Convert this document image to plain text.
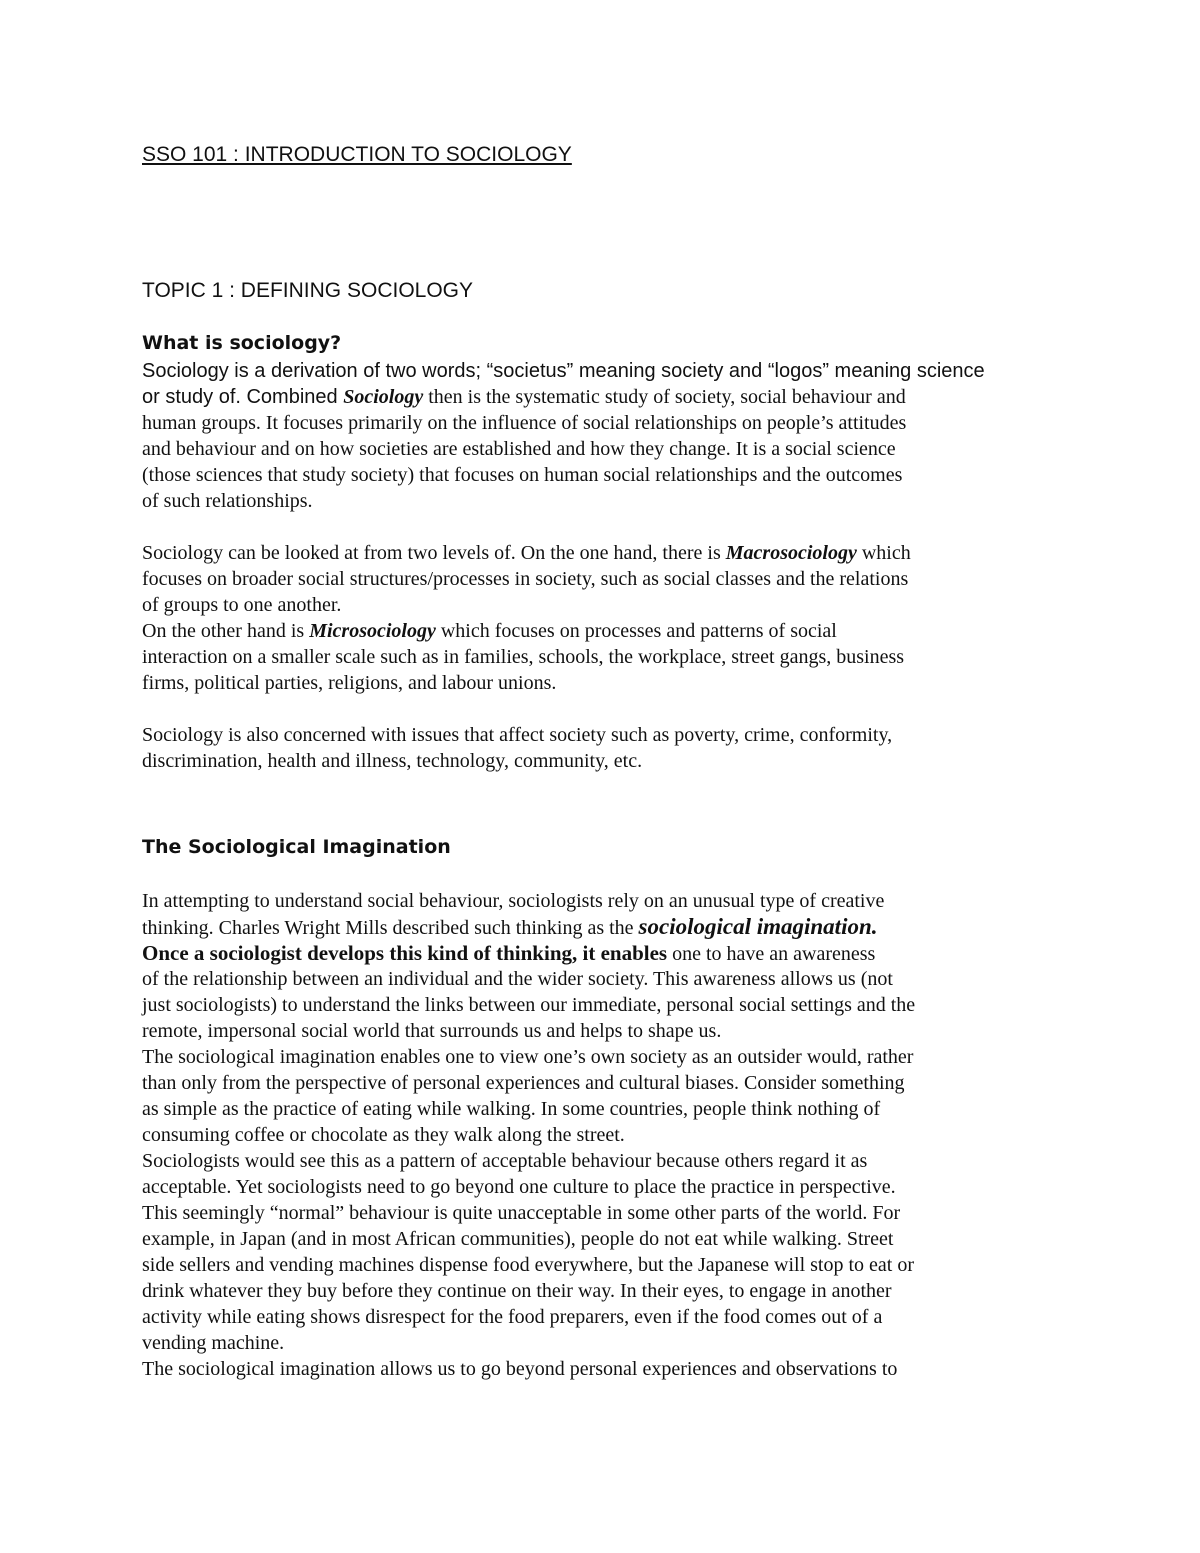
SSO 101 : INTRODUCTION TO SOCIOLOGY

TOPIC 1 : DEFINING SOCIOLOGY

What is sociology?

Sociology is a derivation of two words; “societus” meaning society and “logos” meaning science
or study of. Combined Sociology then is the systematic study of society, social behaviour and
human groups. It focuses primarily on the influence of social relationships on people’s attitudes
and behaviour and on how societies are established and how they change. It is a social science
(those sciences that study society) that focuses on human social relationships and the outcomes
of such relationships.
Sociology can be looked at from two levels of. On the one hand, there is Macrosociology which
focuses on broader social structures/processes in society, such as social classes and the relations
of groups to one another.
On the other hand is Microsociology which focuses on processes and patterns of social
interaction on a smaller scale such as in families, schools, the workplace, street gangs, business
firms, political parties, religions, and labour unions.
Sociology is also concerned with issues that affect society such as poverty, crime, conformity,
discrimination, health and illness, technology, community, etc.

The Sociological Imagination

In attempting to understand social behaviour, sociologists rely on an unusual type of creative
thinking. Charles Wright Mills described such thinking as the sociological imagination.
Once a sociologist develops this kind of thinking, it enables one to have an awareness
of the relationship between an individual and the wider society. This awareness allows us (not
just sociologists) to understand the links between our immediate, personal social settings and the
remote, impersonal social world that surrounds us and helps to shape us.
The sociological imagination enables one to view one’s own society as an outsider would, rather
than only from the perspective of personal experiences and cultural biases. Consider something
as simple as the practice of eating while walking. In some countries, people think nothing of
consuming coffee or chocolate as they walk along the street.
Sociologists would see this as a pattern of acceptable behaviour because others regard it as
acceptable. Yet sociologists need to go beyond one culture to place the practice in perspective.
This seemingly “normal” behaviour is quite unacceptable in some other parts of the world. For
example, in Japan (and in most African communities), people do not eat while walking. Street
side sellers and vending machines dispense food everywhere, but the Japanese will stop to eat or
drink whatever they buy before they continue on their way. In their eyes, to engage in another
activity while eating shows disrespect for the food preparers, even if the food comes out of a
vending machine.
The sociological imagination allows us to go beyond personal experiences and observations to
